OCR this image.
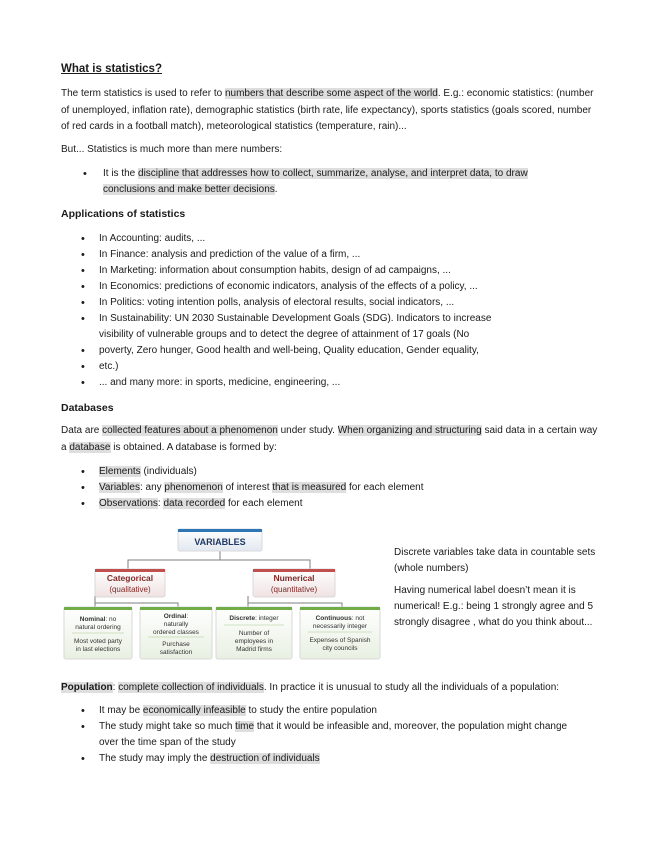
What is statistics?

The term statistics is used to refer to numbers that describe some aspect of the world. E.g.: economic statistics: (number of unemployed, inflation rate), demographic statistics (birth rate, life expectancy), sports statistics (goals scored, number of red cards in a football match), meteorological statistics (temperature, rain)...

But... Statistics is much more than mere numbers:

• It is the discipline that addresses how to collect, summarize, analyse, and interpret data, to draw conclusions and make better decisions.
Applications of statistics
• In Accounting: audits, ...
• In Finance: analysis and prediction of the value of a firm, ...
• In Marketing: information about consumption habits, design of ad campaigns, ...
• In Economics: predictions of economic indicators, analysis of the effects of a policy, ...
• In Politics: voting intention polls, analysis of electoral results, social indicators, ...
• In Sustainability: UN 2030 Sustainable Development Goals (SDG). Indicators to increase
visibility of vulnerable groups and to detect the degree of attainment of 17 goals (No
• poverty, Zero hunger, Good health and well-being, Quality education, Gender equality,
• etc.)
• ... and many more: in sports, medicine, engineering, ...
Databases

Data are collected features about a phenomenon under study. When organizing and structuring said data in a certain way a database is obtained. A database is formed by:

• Elements (individuals)
• Variables: any phenomenon of interest that is measured for each element
• Observations: data recorded for each element
VARIABLES
Categorical
(qualitative)
Numerical
(quantitative)
Nominal: no
natural ordering
Most voted party
in last elections
Ordinal:
naturally
ordered classes
Purchase
satisfaction
Discrete: integer
Number of
employees in
Madrid firms
Continuous: not
necessarily integer
Expenses of Spanish
city councils

Discrete variables take data in countable sets (whole numbers)

Having numerical label doesn’t mean it is numerical! E.g.: being 1 strongly agree and 5 strongly disagree , what do you think about...

Population: complete collection of individuals. In practice it is unusual to study all the individuals of a population:

• It may be economically infeasible to study the entire population
• The study might take so much time that it would be infeasible and, moreover, the population might change over the time span of the study
• The study may imply the destruction of individuals
